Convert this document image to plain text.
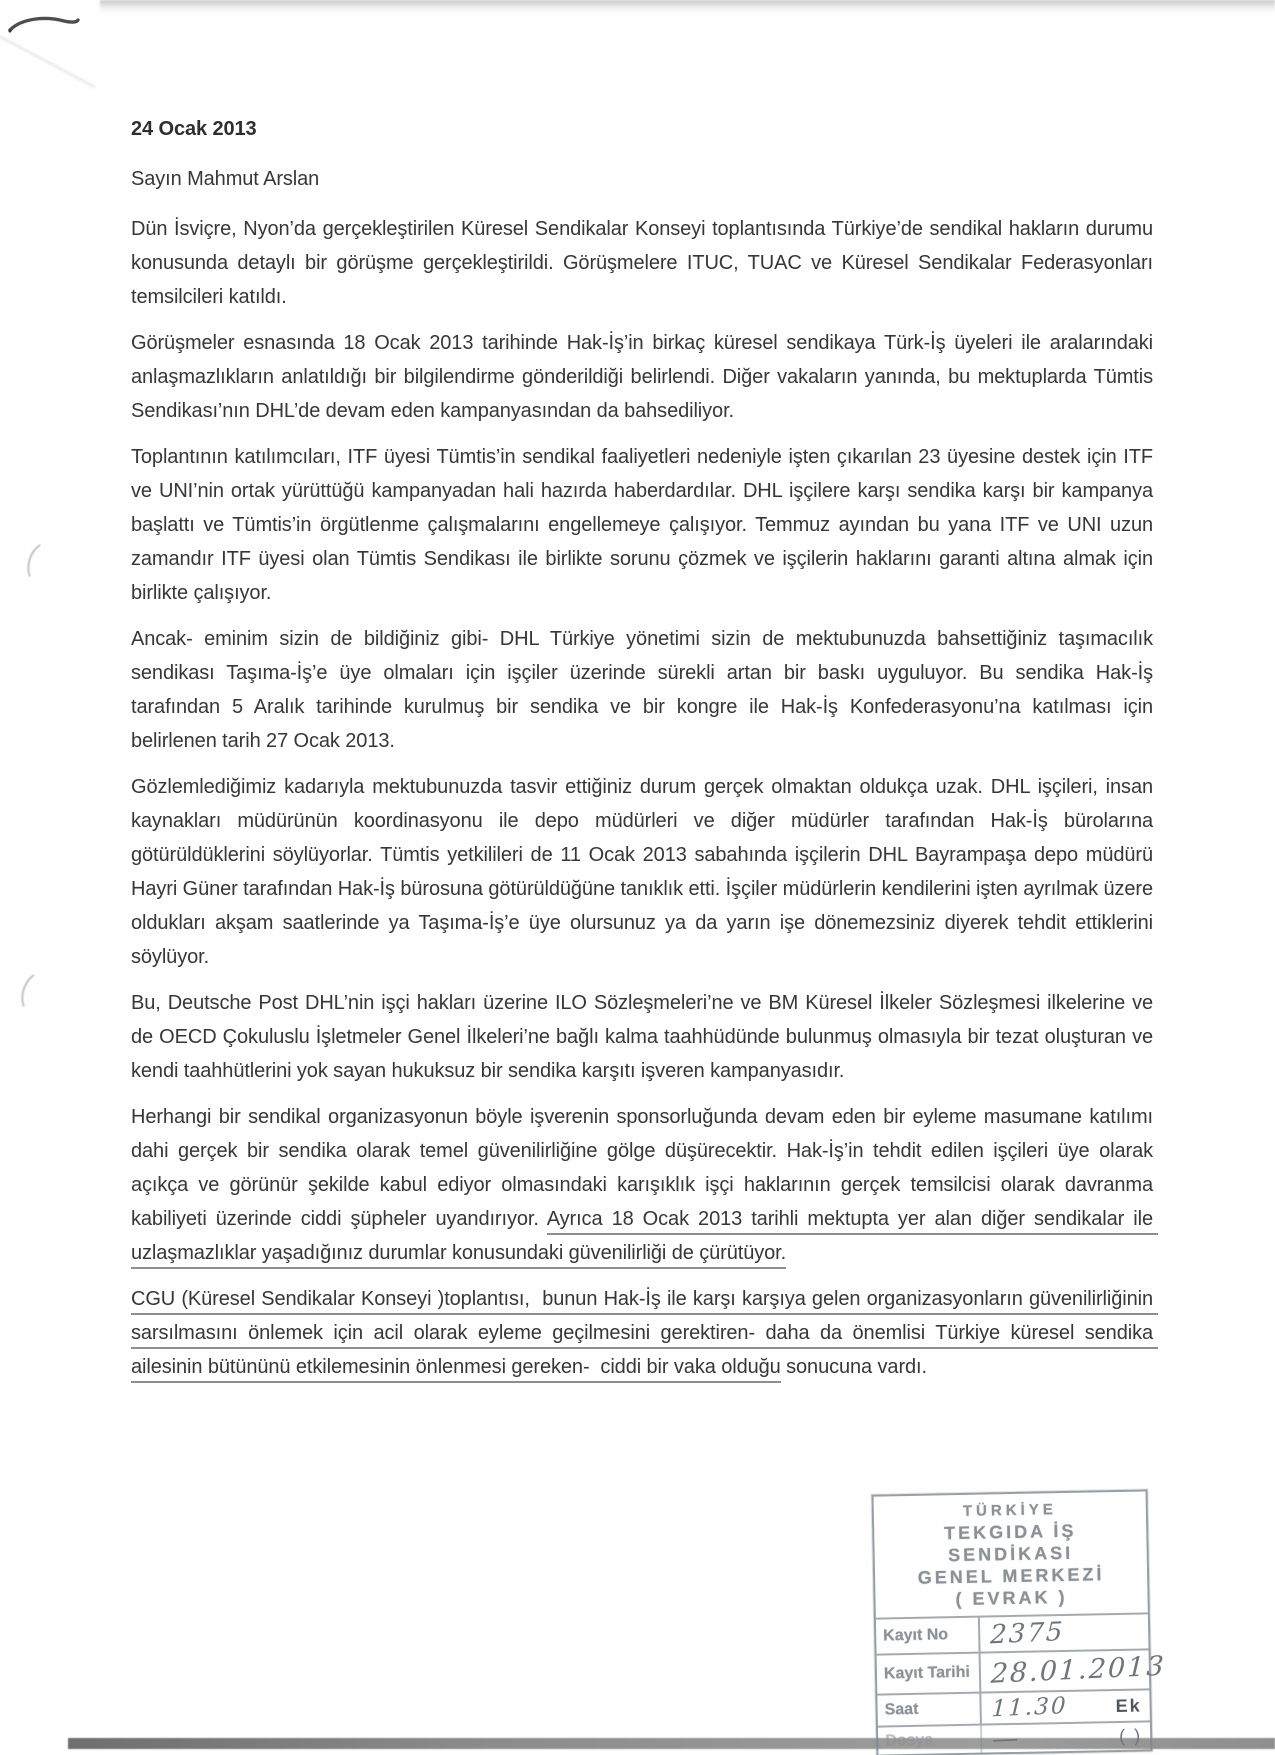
24 Ocak 2013

Sayın Mahmut Arslan

Dün İsviçre, Nyon’da gerçekleştirilen Küresel Sendikalar Konseyi toplantısında Türkiye’de sendikal hakların durumu konusunda detaylı bir görüşme gerçekleştirildi. Görüşmelere ITUC, TUAC ve Küresel Sendikalar Federasyonları temsilcileri katıldı.

Görüşmeler esnasında 18 Ocak 2013 tarihinde Hak-İş’in birkaç küresel sendikaya Türk-İş üyeleri ile aralarındaki anlaşmazlıkların anlatıldığı bir bilgilendirme gönderildiği belirlendi. Diğer vakaların yanında, bu mektuplarda Tümtis Sendikası’nın DHL’de devam eden kampanyasından da bahsediliyor.

Toplantının katılımcıları, ITF üyesi Tümtis’in sendikal faaliyetleri nedeniyle işten çıkarılan 23 üyesine destek için ITF ve UNI’nin ortak yürüttüğü kampanyadan hali hazırda haberdardılar. DHL işçilere karşı sendika karşı bir kampanya başlattı ve Tümtis’in örgütlenme çalışmalarını engellemeye çalışıyor. Temmuz ayından bu yana ITF ve UNI uzun zamandır ITF üyesi olan Tümtis Sendikası ile birlikte sorunu çözmek ve işçilerin haklarını garanti altına almak için birlikte çalışıyor.

Ancak- eminim sizin de bildiğiniz gibi- DHL Türkiye yönetimi sizin de mektubunuzda bahsettiğiniz taşımacılık sendikası Taşıma-İş’e üye olmaları için işçiler üzerinde sürekli artan bir baskı uyguluyor. Bu sendika Hak-İş tarafından 5 Aralık tarihinde kurulmuş bir sendika ve bir kongre ile Hak-İş Konfederasyonu’na katılması için belirlenen tarih 27 Ocak 2013.

Gözlemlediğimiz kadarıyla mektubunuzda tasvir ettiğiniz durum gerçek olmaktan oldukça uzak. DHL işçileri, insan kaynakları müdürünün koordinasyonu ile depo müdürleri ve diğer müdürler tarafından Hak-İş bürolarına götürüldüklerini söylüyorlar. Tümtis yetkilileri de 11 Ocak 2013 sabahında işçilerin DHL Bayrampaşa depo müdürü Hayri Güner tarafından Hak-İş bürosuna götürüldüğüne tanıklık etti. İşçiler müdürlerin kendilerini işten ayrılmak üzere oldukları akşam saatlerinde ya Taşıma-İş’e üye olursunuz ya da yarın işe dönemezsiniz diyerek tehdit ettiklerini söylüyor.

Bu, Deutsche Post DHL’nin işçi hakları üzerine ILO Sözleşmeleri’ne ve BM Küresel İlkeler Sözleşmesi ilkelerine ve de OECD Çokuluslu İşletmeler Genel İlkeleri’ne bağlı kalma taahhüdünde bulunmuş olmasıyla bir tezat oluşturan ve kendi taahhütlerini yok sayan hukuksuz bir sendika karşıtı işveren kampanyasıdır.

Herhangi bir sendikal organizasyonun böyle işverenin sponsorluğunda devam eden bir eyleme masumane katılımı dahi gerçek bir sendika olarak temel güvenilirliğine gölge düşürecektir. Hak-İş’in tehdit edilen işçileri üye olarak açıkça ve görünür şekilde kabul ediyor olmasındaki karışıklık işçi haklarının gerçek temsilcisi olarak davranma kabiliyeti üzerinde ciddi şüpheler uyandırıyor. Ayrıca 18 Ocak 2013 tarihli mektupta yer alan diğer sendikalar ile uzlaşmazlıklar yaşadığınız durumlar konusundaki güvenilirliği de çürütüyor.

CGU (Küresel Sendikalar Konseyi )toplantısı,  bunun Hak-İş ile karşı karşıya gelen organizasyonların güvenilirliğinin sarsılmasını önlemek için acil olarak eyleme geçilmesini gerektiren- daha da önemlisi Türkiye küresel sendika ailesinin bütününü etkilemesinin önlenmesi gereken-  ciddi bir vaka olduğu sonucuna vardı.

TÜRKİYE
TEKGIDA İŞ SENDİKASI
GENEL MERKEZİ
( EVRAK )
Kayıt No	2375
Kayıt Tarihi 28.01.2013
Saat	11.30	Ek
Dosya	—	( )
